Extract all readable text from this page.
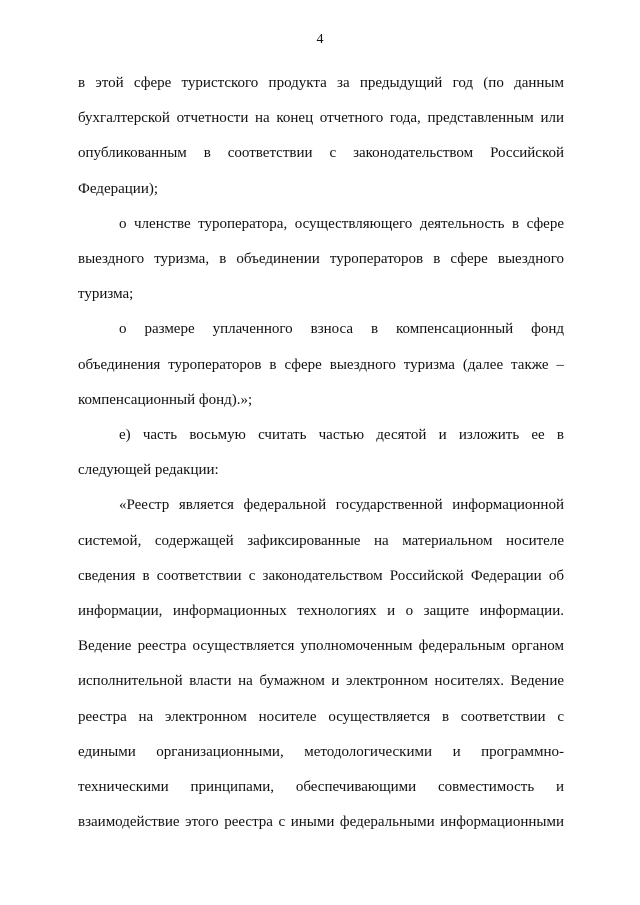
4

в этой сфере туристского продукта за предыдущий год (по данным бухгалтерской отчетности на конец отчетного года, представленным или опубликованным в соответствии с законодательством Российской Федерации);

о членстве туроператора, осуществляющего деятельность в сфере выездного туризма, в объединении туроператоров в сфере выездного туризма;

о размере уплаченного взноса в компенсационный фонд объединения туроператоров в сфере выездного туризма (далее также – компенсационный фонд).»;

е) часть восьмую считать частью десятой и изложить ее в следующей редакции:

«Реестр является федеральной государственной информационной системой, содержащей зафиксированные на материальном носителе сведения в соответствии с законодательством Российской Федерации об информации, информационных технологиях и о защите информации. Ведение реестра осуществляется уполномоченным федеральным органом исполнительной власти на бумажном и электронном носителях. Ведение реестра на электронном носителе осуществляется в соответствии с едиными организационными, методологическими и программно-техническими принципами, обеспечивающими совместимость и взаимодействие этого реестра с иными федеральными информационными
